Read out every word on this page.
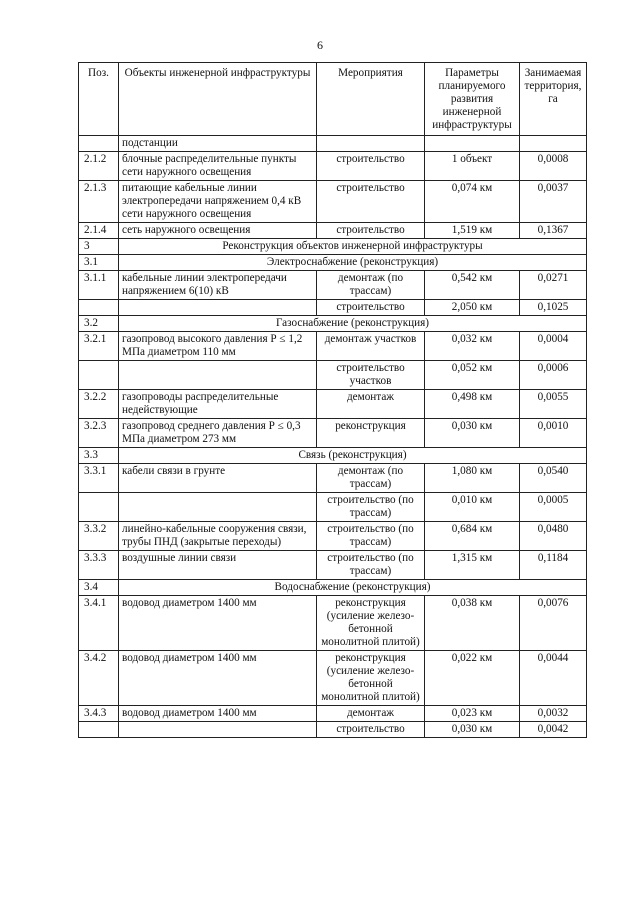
6
Поз.	Объекты инженерной инфраструктуры	Мероприятия	Параметры планируемого развития инженерной инфраструктуры	Занимаемая территория, га
	подстанции			
2.1.2	блочные распределительные пункты сети наружного освещения	строительство	1 объект	0,0008
2.1.3	питающие кабельные линии электропередачи напряжением 0,4 кВ сети наружного освещения	строительство	0,074 км	0,0037
2.1.4	сеть наружного освещения	строительство	1,519 км	0,1367
3	Реконструкция объектов инженерной инфраструктуры			
3.1	Электроснабжение (реконструкция)			
3.1.1	кабельные линии электропередачи напряжением 6(10) кВ	демонтаж (по трассам)	0,542 км	0,0271
		строительство	2,050 км	0,1025
3.2	Газоснабжение (реконструкция)			
3.2.1	газопровод высокого давления Р ≤ 1,2 МПа диаметром 110 мм	демонтаж участков	0,032 км	0,0004
		строительство участков	0,052 км	0,0006
3.2.2	газопроводы распределительные недействующие	демонтаж	0,498 км	0,0055
3.2.3	газопровод среднего давления Р ≤ 0,3 МПа диаметром 273 мм	реконструкция	0,030 км	0,0010
3.3	Связь (реконструкция)			
3.3.1	кабели связи в грунте	демонтаж (по трассам)	1,080 км	0,0540
		строительство (по трассам)	0,010 км	0,0005
3.3.2	линейно-кабельные сооружения связи, трубы ПНД (закрытые переходы)	строительство (по трассам)	0,684 км	0,0480
3.3.3	воздушные линии связи	строительство (по трассам)	1,315 км	0,1184
3.4	Водоснабжение (реконструкция)			
3.4.1	водовод диаметром 1400 мм	реконструкция (усиление железо-бетонной монолитной плитой)	0,038 км	0,0076
3.4.2	водовод диаметром 1400 мм	реконструкция (усиление железо-бетонной монолитной плитой)	0,022 км	0,0044
3.4.3	водовод диаметром 1400 мм	демонтаж	0,023 км	0,0032
		строительство	0,030 км	0,0042
